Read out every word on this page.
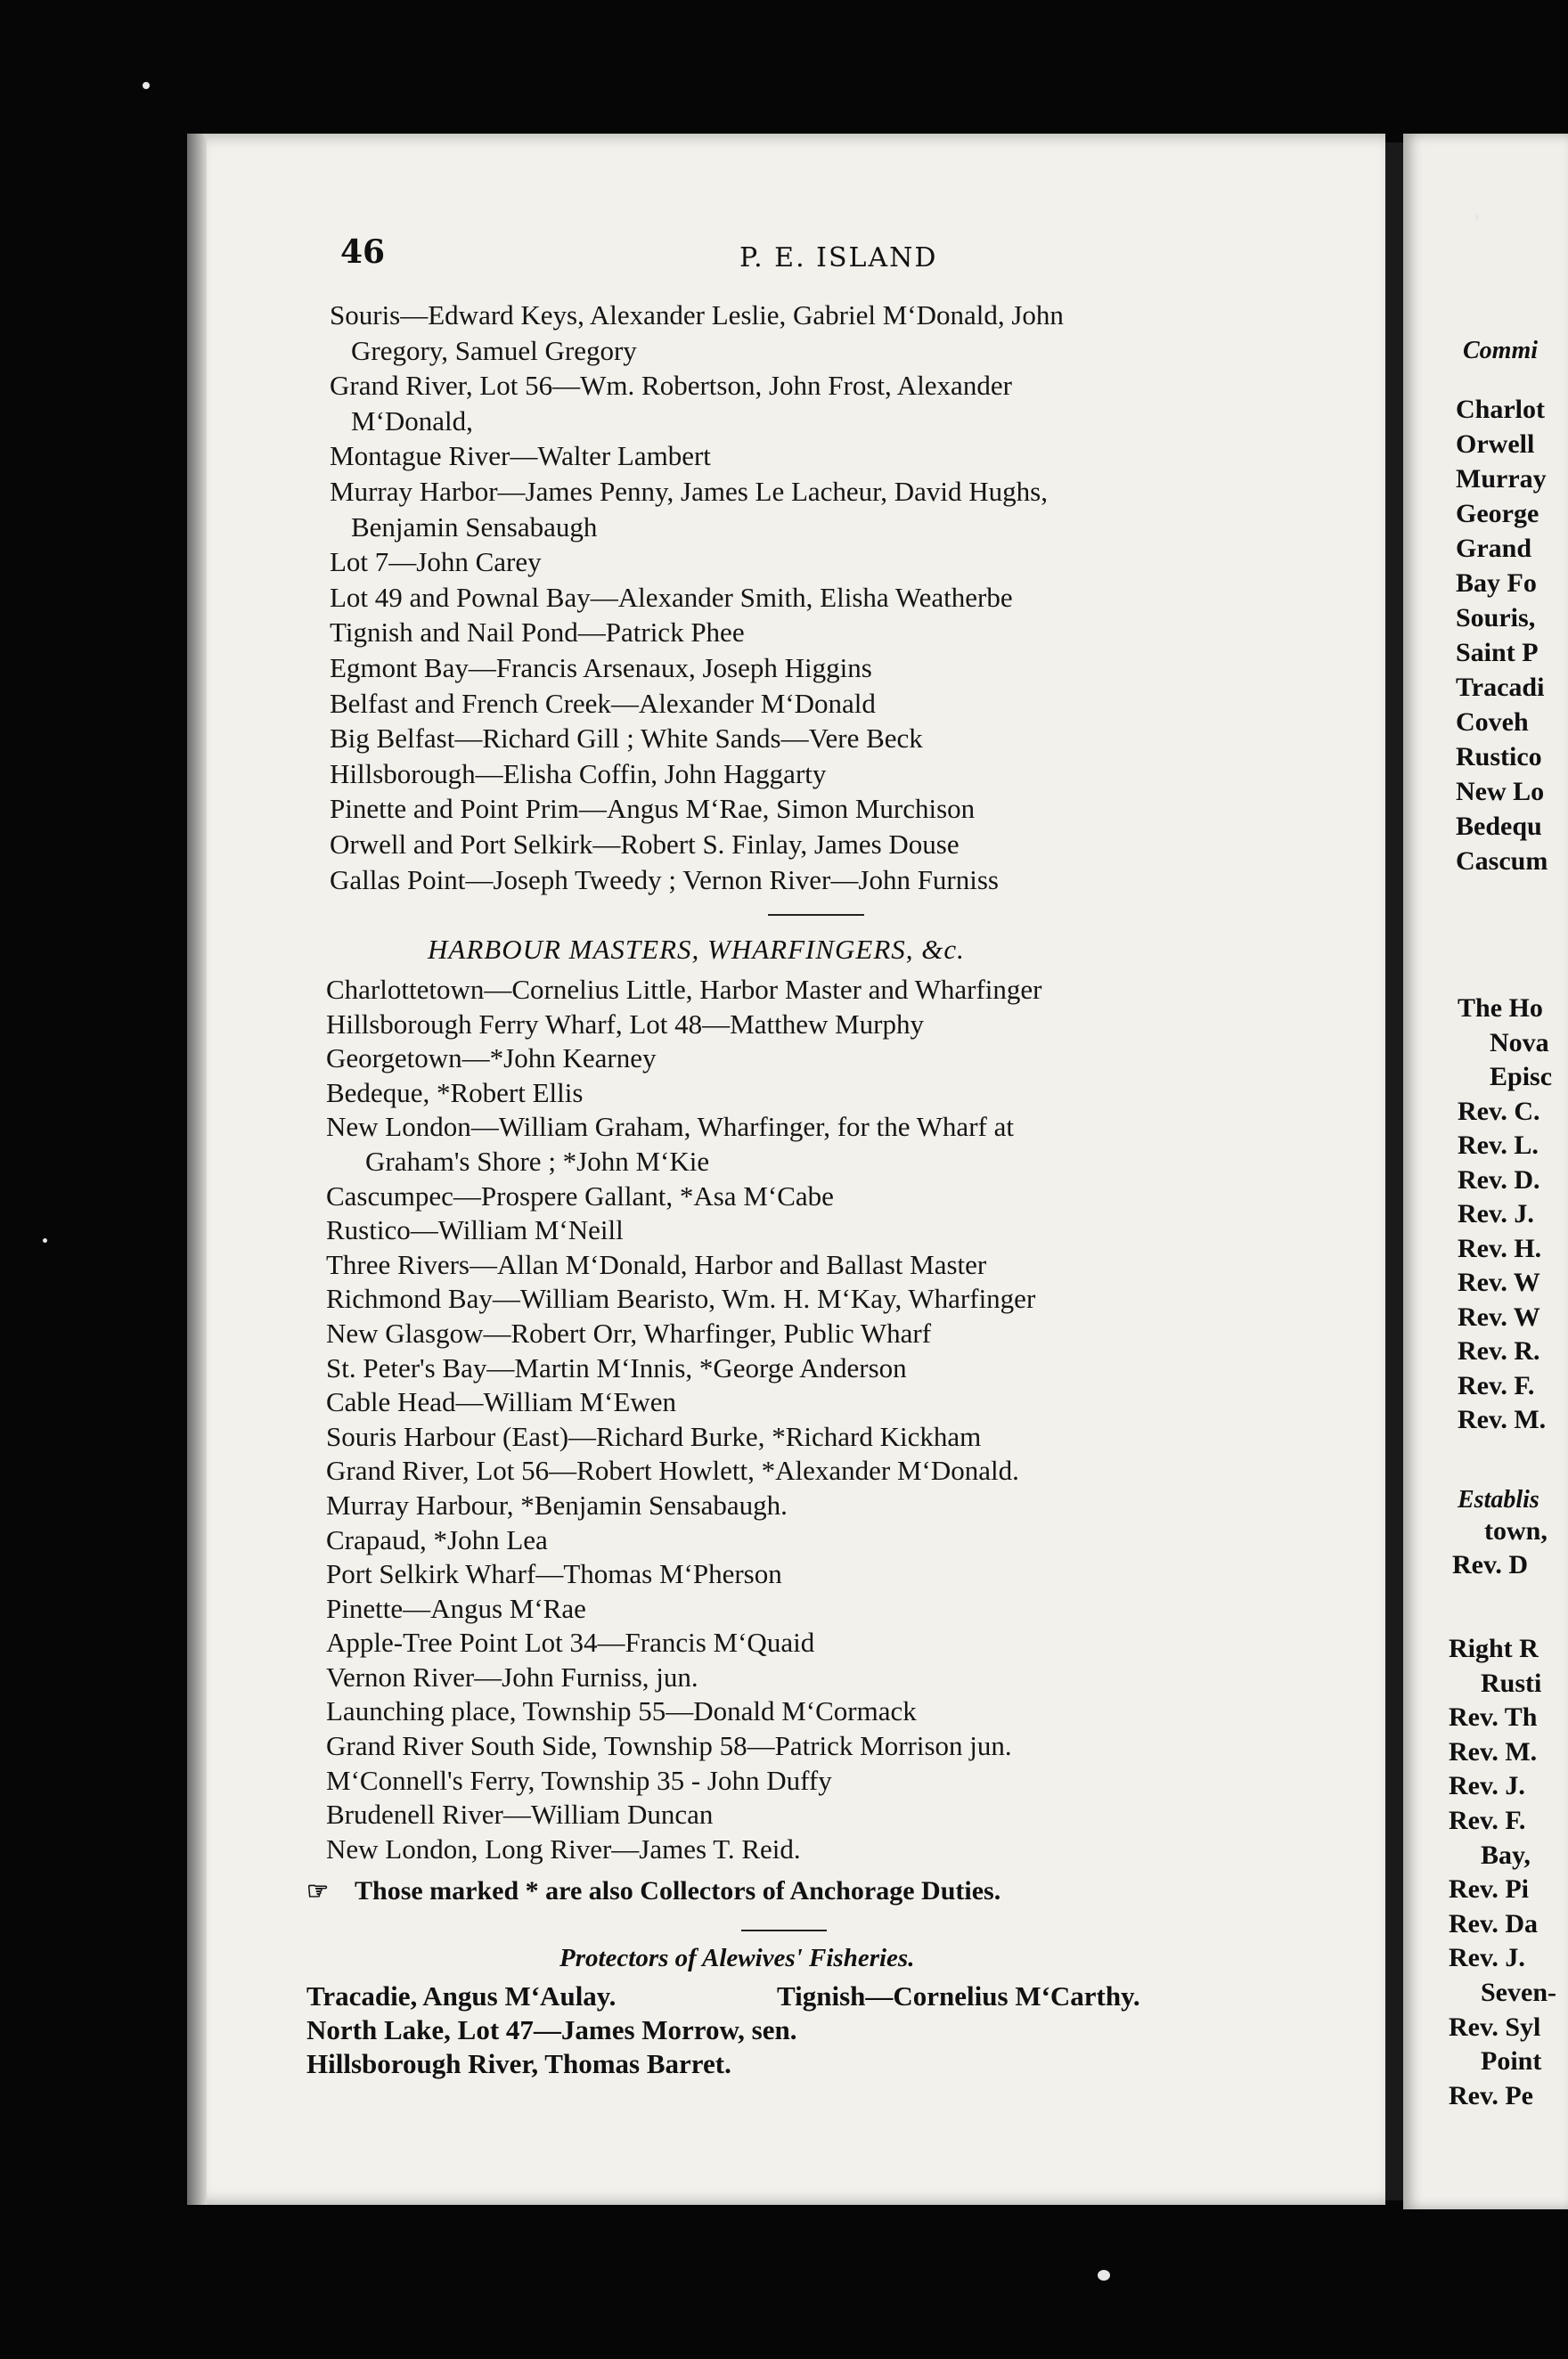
46	P. E. ISLAND
Souris—Edward Keys, Alexander Leslie, Gabriel M‘Donald, John
Gregory, Samuel Gregory
Grand River, Lot 56—Wm. Robertson, John Frost, Alexander
M‘Donald,
Montague River—Walter Lambert
Murray Harbor—James Penny, James Le Lacheur, David Hughs,
Benjamin Sensabaugh
Lot 7—John Carey
Lot 49 and Pownal Bay—Alexander Smith, Elisha Weatherbe
Tignish and Nail Pond—Patrick Phee
Egmont Bay—Francis Arsenaux, Joseph Higgins
Belfast and French Creek—Alexander M‘Donald
Big Belfast—Richard Gill ; White Sands—Vere Beck
Hillsborough—Elisha Coffin, John Haggarty
Pinette and Point Prim—Angus M‘Rae, Simon Murchison
Orwell and Port Selkirk—Robert S. Finlay, James Douse
Gallas Point—Joseph Tweedy ; Vernon River—John Furniss
HARBOUR MASTERS, WHARFINGERS, &c.
Charlottetown—Cornelius Little, Harbor Master and Wharfinger
Hillsborough Ferry Wharf, Lot 48—Matthew Murphy
Georgetown—*John Kearney
Bedeque, *Robert Ellis
New London—William Graham, Wharfinger, for the Wharf at
Graham's Shore ; *John M‘Kie
Cascumpec—Prospere Gallant, *Asa M‘Cabe
Rustico—William M‘Neill
Three Rivers—Allan M‘Donald, Harbor and Ballast Master
Richmond Bay—William Bearisto, Wm. H. M‘Kay, Wharfinger
New Glasgow—Robert Orr, Wharfinger, Public Wharf
St. Peter's Bay—Martin M‘Innis, *George Anderson
Cable Head—William M‘Ewen
Souris Harbour (East)—Richard Burke, *Richard Kickham
Grand River, Lot 56—Robert Howlett, *Alexander M‘Donald.
Murray Harbour, *Benjamin Sensabaugh.
Crapaud, *John Lea
Port Selkirk Wharf—Thomas M‘Pherson
Pinette—Angus M‘Rae
Apple-Tree Point Lot 34—Francis M‘Quaid
Vernon River—John Furniss, jun.
Launching place, Township 55—Donald M‘Cormack
Grand River South Side, Township 58—Patrick Morrison jun.
M‘Connell's Ferry, Township 35 - John Duffy
Brudenell River—William Duncan
New London, Long River—James T. Reid.
☞ Those marked * are also Collectors of Anchorage Duties.
Protectors of Alewives' Fisheries.
Tracadie, Angus M‘Aulay.	Tignish—Cornelius M‘Carthy.
North Lake, Lot 47—James Morrow, sen.
Hillsborough River, Thomas Barret.
Commi
Charlot
Orwell
Murray
George
Grand
Bay Fo
Souris,
Saint P
Tracadi
Coveh
Rustico
New Lo
Bedequ
Cascum
The Ho
Nova
Episc
Rev. C.
Rev. L.
Rev. D.
Rev. J.
Rev. H.
Rev. W
Rev. W
Rev. R.
Rev. F.
Rev. M.
Establis
town,
Rev. D
Right R
Rusti
Rev. Th
Rev. M.
Rev. J.
Rev. F.
Bay,
Rev. Pi
Rev. Da
Rev. J.
Seven-
Rev. Syl
Point
Rev. Pe
